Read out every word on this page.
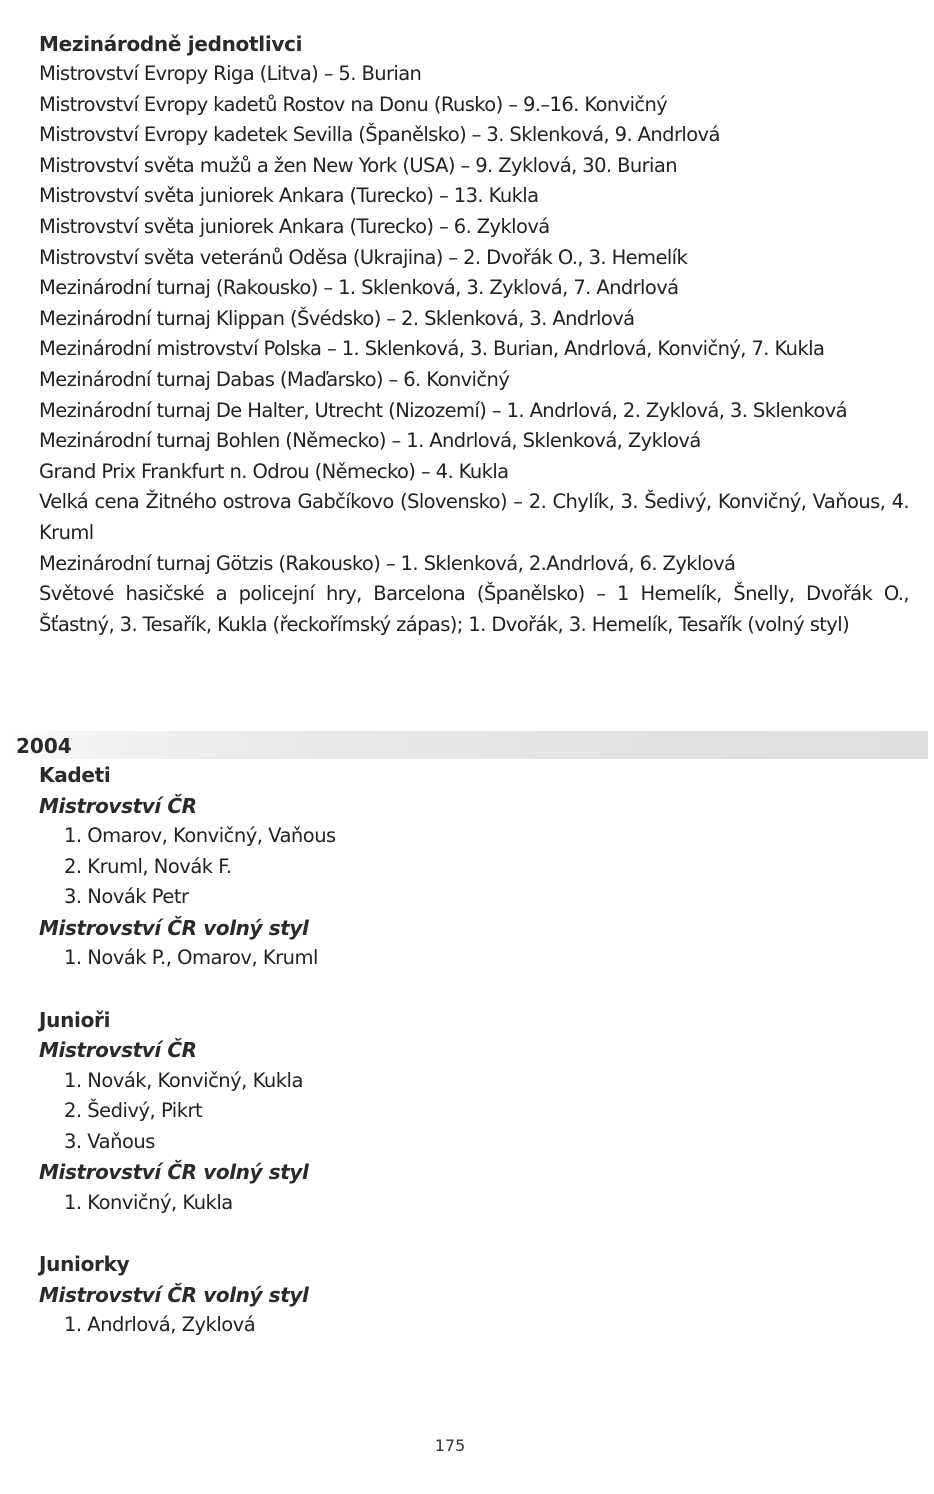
Mezinárodně jednotlivci

Mistrovství Evropy Riga (Litva) – 5. Burian

Mistrovství Evropy kadetů Rostov na Donu (Rusko) – 9.–16. Konvičný

Mistrovství Evropy kadetek Sevilla (Španělsko) – 3. Sklenková, 9. Andrlová

Mistrovství světa mužů a žen New York (USA) – 9. Zyklová, 30. Burian

Mistrovství světa juniorek Ankara (Turecko) – 13. Kukla

Mistrovství světa juniorek Ankara (Turecko) – 6. Zyklová

Mistrovství světa veteránů Oděsa (Ukrajina) – 2. Dvořák O., 3. Hemelík

Mezinárodní turnaj (Rakousko) – 1. Sklenková, 3. Zyklová, 7. Andrlová

Mezinárodní turnaj Klippan (Švédsko) – 2. Sklenková, 3. Andrlová

Mezinárodní mistrovství Polska – 1. Sklenková, 3. Burian, Andrlová, Konvičný, 7. Kukla

Mezinárodní turnaj Dabas (Maďarsko) – 6. Konvičný

Mezinárodní turnaj De Halter, Utrecht (Nizozemí) – 1. Andrlová, 2. Zyklová, 3. Sklenková

Mezinárodní turnaj Bohlen (Německo) – 1. Andrlová, Sklenková, Zyklová

Grand Prix Frankfurt n. Odrou (Německo) – 4. Kukla

Velká cena Žitného ostrova Gabčíkovo (Slovensko) – 2. Chylík, 3. Šedivý, Konvičný, Vaňous, 4. Kruml

Mezinárodní turnaj Götzis (Rakousko) – 1. Sklenková, 2.Andrlová, 6. Zyklová

Světové hasičské a policejní hry, Barcelona (Španělsko) – 1 Hemelík, Šnelly, Dvořák O., Šťastný, 3. Tesařík, Kukla (řeckořímský zápas); 1. Dvořák, 3. Hemelík, Tesařík (volný styl)

2004
Kadeti
Mistrovství ČR
1. Omarov, Konvičný, Vaňous
2. Kruml, Novák F.
3. Novák Petr
Mistrovství ČR volný styl
1. Novák P., Omarov, Kruml
Junioři
Mistrovství ČR
1. Novák, Konvičný, Kukla
2. Šedivý, Pikrt
3. Vaňous
Mistrovství ČR volný styl
1. Konvičný, Kukla
Juniorky
Mistrovství ČR volný styl
1. Andrlová, Zyklová
175
